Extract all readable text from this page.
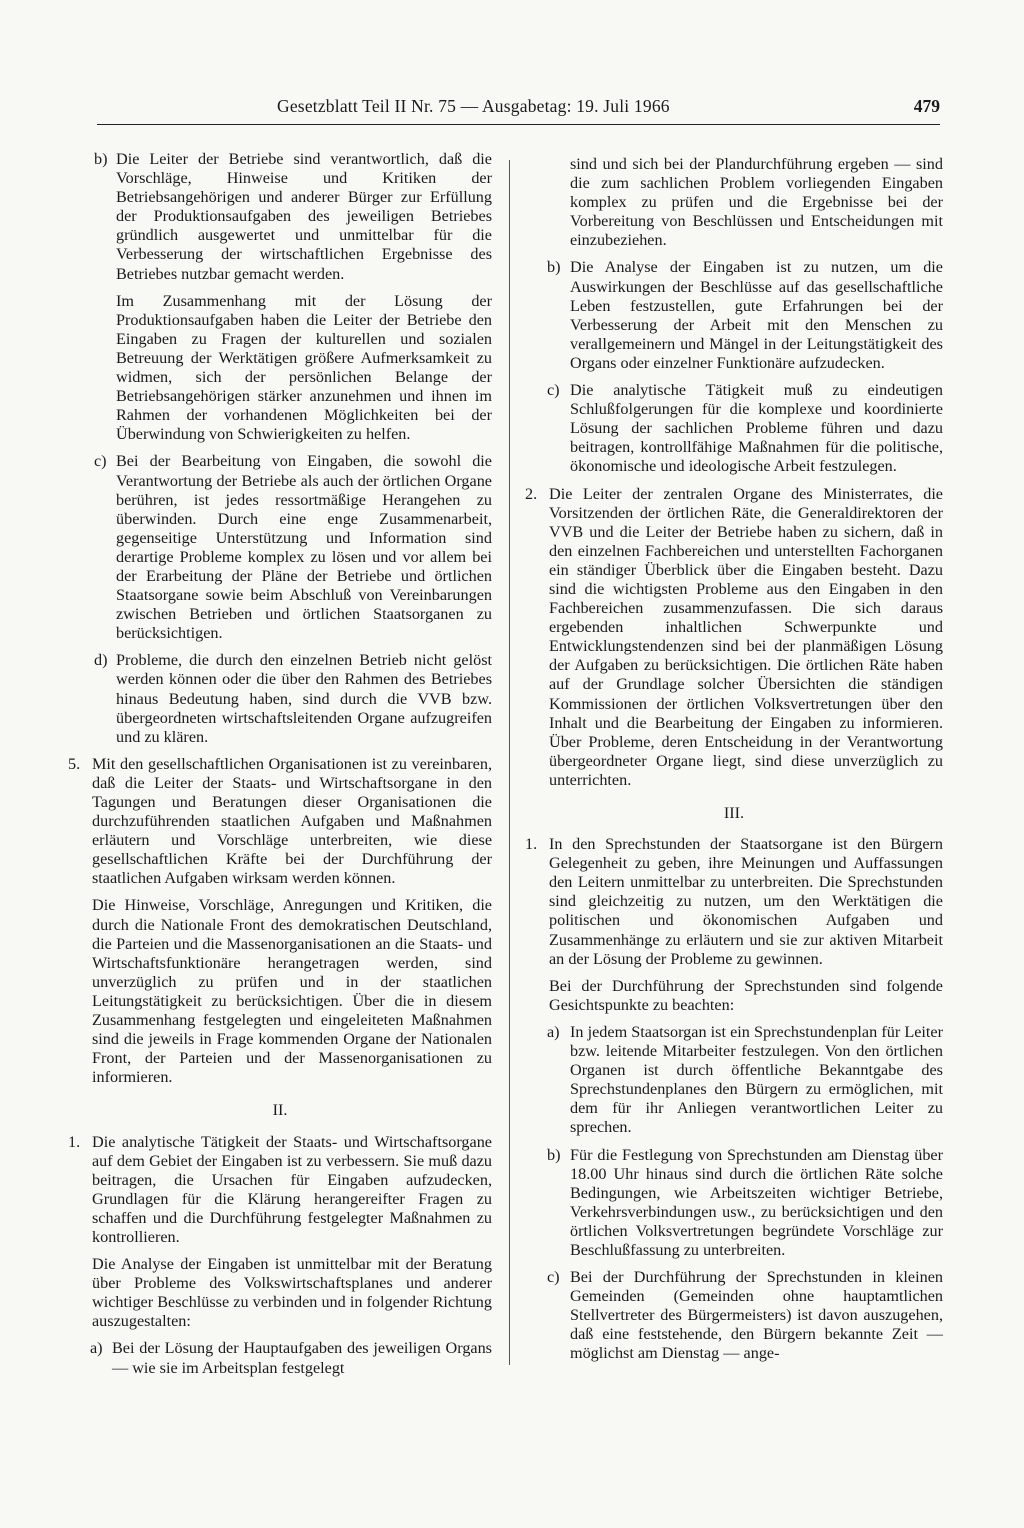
Gesetzblatt Teil II Nr. 75 — Ausgabetag: 19. Juli 1966	479
b) Die Leiter der Betriebe sind verantwortlich, daß die Vorschläge, Hinweise und Kritiken der Betriebsangehörigen und anderer Bürger zur Erfüllung der Produktionsaufgaben des jeweiligen Betriebes gründlich ausgewertet und unmittelbar für die Verbesserung der wirtschaftlichen Ergebnisse des Betriebes nutzbar gemacht werden.

Im Zusammenhang mit der Lösung der Produktionsaufgaben haben die Leiter der Betriebe den Eingaben zu Fragen der kulturellen und sozialen Betreuung der Werktätigen größere Aufmerksamkeit zu widmen, sich der persönlichen Belange der Betriebsangehörigen stärker anzunehmen und ihnen im Rahmen der vorhandenen Möglichkeiten bei der Überwindung von Schwierigkeiten zu helfen.

c) Bei der Bearbeitung von Eingaben, die sowohl die Verantwortung der Betriebe als auch der örtlichen Organe berühren, ist jedes ressortmäßige Herangehen zu überwinden. Durch eine enge Zusammenarbeit, gegenseitige Unterstützung und Information sind derartige Probleme komplex zu lösen und vor allem bei der Erarbeitung der Pläne der Betriebe und örtlichen Staatsorgane sowie beim Abschluß von Vereinbarungen zwischen Betrieben und örtlichen Staatsorganen zu berücksichtigen.
d) Probleme, die durch den einzelnen Betrieb nicht gelöst werden können oder die über den Rahmen des Betriebes hinaus Bedeutung haben, sind durch die VVB bzw. übergeordneten wirtschaftsleitenden Organe aufzugreifen und zu klären.
5. Mit den gesellschaftlichen Organisationen ist zu vereinbaren, daß die Leiter der Staats- und Wirtschaftsorgane in den Tagungen und Beratungen dieser Organisationen die durchzuführenden staatlichen Aufgaben und Maßnahmen erläutern und Vorschläge unterbreiten, wie diese gesellschaftlichen Kräfte bei der Durchführung der staatlichen Aufgaben wirksam werden können.

Die Hinweise, Vorschläge, Anregungen und Kritiken, die durch die Nationale Front des demokratischen Deutschland, die Parteien und die Massenorganisationen an die Staats- und Wirtschaftsfunktionäre herangetragen werden, sind unverzüglich zu prüfen und in der staatlichen Leitungstätigkeit zu berücksichtigen. Über die in diesem Zusammenhang festgelegten und eingeleiteten Maßnahmen sind die jeweils in Frage kommenden Organe der Nationalen Front, der Parteien und der Massenorganisationen zu informieren.

II.
1. Die analytische Tätigkeit der Staats- und Wirtschaftsorgane auf dem Gebiet der Eingaben ist zu verbessern. Sie muß dazu beitragen, die Ursachen für Eingaben aufzudecken, Grundlagen für die Klärung herangereifter Fragen zu schaffen und die Durchführung festgelegter Maßnahmen zu kontrollieren.

Die Analyse der Eingaben ist unmittelbar mit der Beratung über Probleme des Volkswirtschaftsplanes und anderer wichtiger Beschlüsse zu verbinden und in folgender Richtung auszugestalten:

a) Bei der Lösung der Hauptaufgaben des jeweiligen Organs — wie sie im Arbeitsplan festgelegt

sind und sich bei der Plandurchführung ergeben — sind die zum sachlichen Problem vorliegenden Eingaben komplex zu prüfen und die Ergebnisse bei der Vorbereitung von Beschlüssen und Entscheidungen mit einzubeziehen.

b) Die Analyse der Eingaben ist zu nutzen, um die Auswirkungen der Beschlüsse auf das gesellschaftliche Leben festzustellen, gute Erfahrungen bei der Verbesserung der Arbeit mit den Menschen zu verallgemeinern und Mängel in der Leitungstätigkeit des Organs oder einzelner Funktionäre aufzudecken.
c) Die analytische Tätigkeit muß zu eindeutigen Schlußfolgerungen für die komplexe und koordinierte Lösung der sachlichen Probleme führen und dazu beitragen, kontrollfähige Maßnahmen für die politische, ökonomische und ideologische Arbeit festzulegen.
2. Die Leiter der zentralen Organe des Ministerrates, die Vorsitzenden der örtlichen Räte, die Generaldirektoren der VVB und die Leiter der Betriebe haben zu sichern, daß in den einzelnen Fachbereichen und unterstellten Fachorganen ein ständiger Überblick über die Eingaben besteht. Dazu sind die wichtigsten Probleme aus den Eingaben in den Fachbereichen zusammenzufassen. Die sich daraus ergebenden inhaltlichen Schwerpunkte und Entwicklungstendenzen sind bei der planmäßigen Lösung der Aufgaben zu berücksichtigen. Die örtlichen Räte haben auf der Grundlage solcher Übersichten die ständigen Kommissionen der örtlichen Volksvertretungen über den Inhalt und die Bearbeitung der Eingaben zu informieren. Über Probleme, deren Entscheidung in der Verantwortung übergeordneter Organe liegt, sind diese unverzüglich zu unterrichten.
III.
1. In den Sprechstunden der Staatsorgane ist den Bürgern Gelegenheit zu geben, ihre Meinungen und Auffassungen den Leitern unmittelbar zu unterbreiten. Die Sprechstunden sind gleichzeitig zu nutzen, um den Werktätigen die politischen und ökonomischen Aufgaben und Zusammenhänge zu erläutern und sie zur aktiven Mitarbeit an der Lösung der Probleme zu gewinnen.

Bei der Durchführung der Sprechstunden sind folgende Gesichtspunkte zu beachten:

a) In jedem Staatsorgan ist ein Sprechstundenplan für Leiter bzw. leitende Mitarbeiter festzulegen. Von den örtlichen Organen ist durch öffentliche Bekanntgabe des Sprechstundenplanes den Bürgern zu ermöglichen, mit dem für ihr Anliegen verantwortlichen Leiter zu sprechen.
b) Für die Festlegung von Sprechstunden am Dienstag über 18.00 Uhr hinaus sind durch die örtlichen Räte solche Bedingungen, wie Arbeitszeiten wichtiger Betriebe, Verkehrsverbindungen usw., zu berücksichtigen und den örtlichen Volksvertretungen begründete Vorschläge zur Beschlußfassung zu unterbreiten.
c) Bei der Durchführung der Sprechstunden in kleinen Gemeinden (Gemeinden ohne hauptamtlichen Stellvertreter des Bürgermeisters) ist davon auszugehen, daß eine feststehende, den Bürgern bekannte Zeit — möglichst am Dienstag — ange-
